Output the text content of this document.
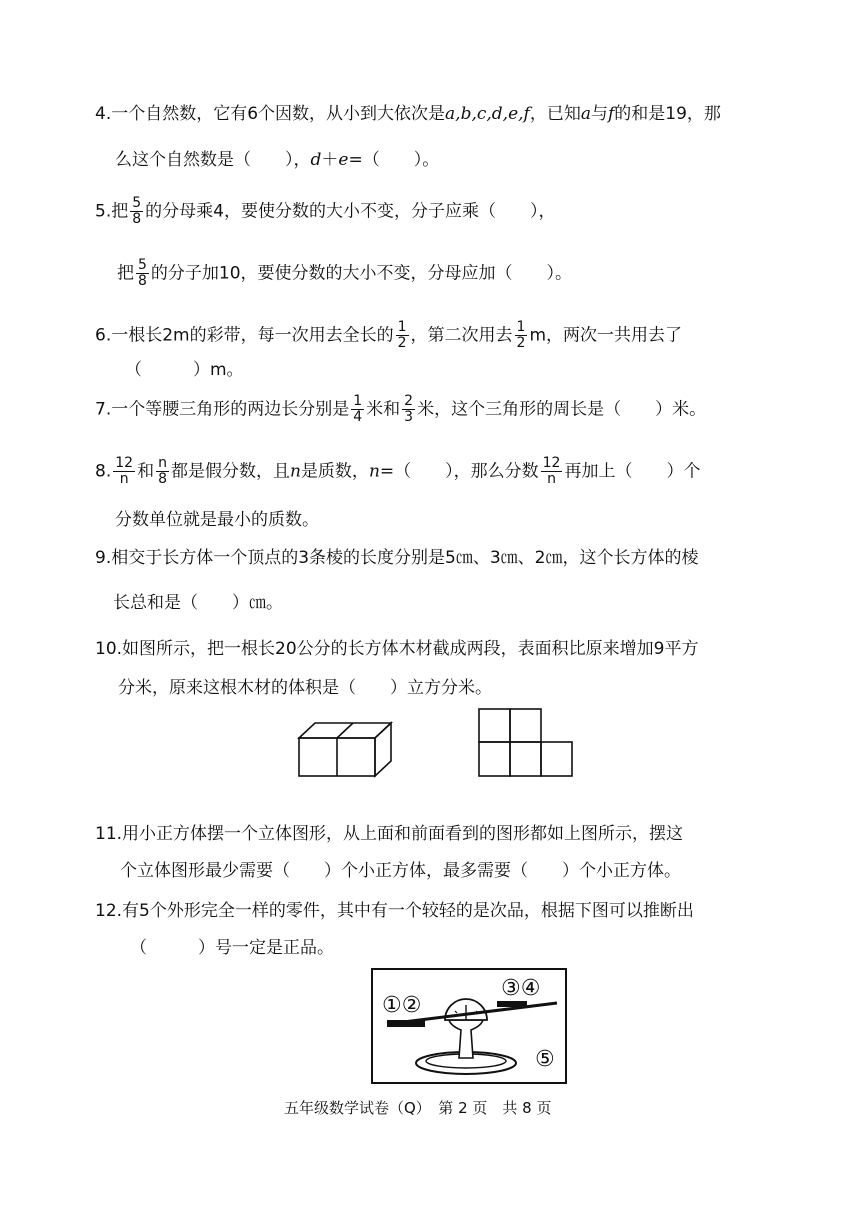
4.一个自然数，它有6个因数，从小到大依次是a,b,c,d,e,f，已知a与f的和是19，那
么这个自然数是（　　），d＋e=（　　）。
5.把 $\frac{5}{8}$ 的分母乘4，要使分数的大小不变，分子应乘（　　），
把 $\frac{5}{8}$ 的分子加10，要使分数的大小不变，分母应加（　　）。
6.一根长2m的彩带，每一次用去全长的 $\frac{1}{2}$ ，第二次用去 $\frac{1}{2}$ m，两次一共用去了
（　　　）m。
7.一个等腰三角形的两边长分别是 $\frac{1}{4}$ 米和 $\frac{2}{3}$ 米，这个三角形的周长是（　　）米。
8. $\frac{12}{n}$ 和 $\frac{n}{8}$ 都是假分数，且n是质数，n=（　　），那么分数 $\frac{12}{n}$ 再加上（　　）个
分数单位就是最小的质数。
9.相交于长方体一个顶点的3条棱的长度分别是5㎝、3㎝、2㎝，这个长方体的棱
长总和是（　　）㎝。
10.如图所示，把一根长20公分的长方体木材截成两段，表面积比原来增加9平方
分米，原来这根木材的体积是（　　）立方分米。
11.用小正方体摆一个立体图形，从上面和前面看到的图形都如上图所示，摆这
个立体图形最少需要（　　）个小正方体，最多需要（　　）个小正方体。
12.有5个外形完全一样的零件，其中有一个较轻的是次品，根据下图可以推断出
（　　　）号一定是正品。
①②
③④
⑤
五年级数学试卷（Q）　第 2 页　共 8 页
